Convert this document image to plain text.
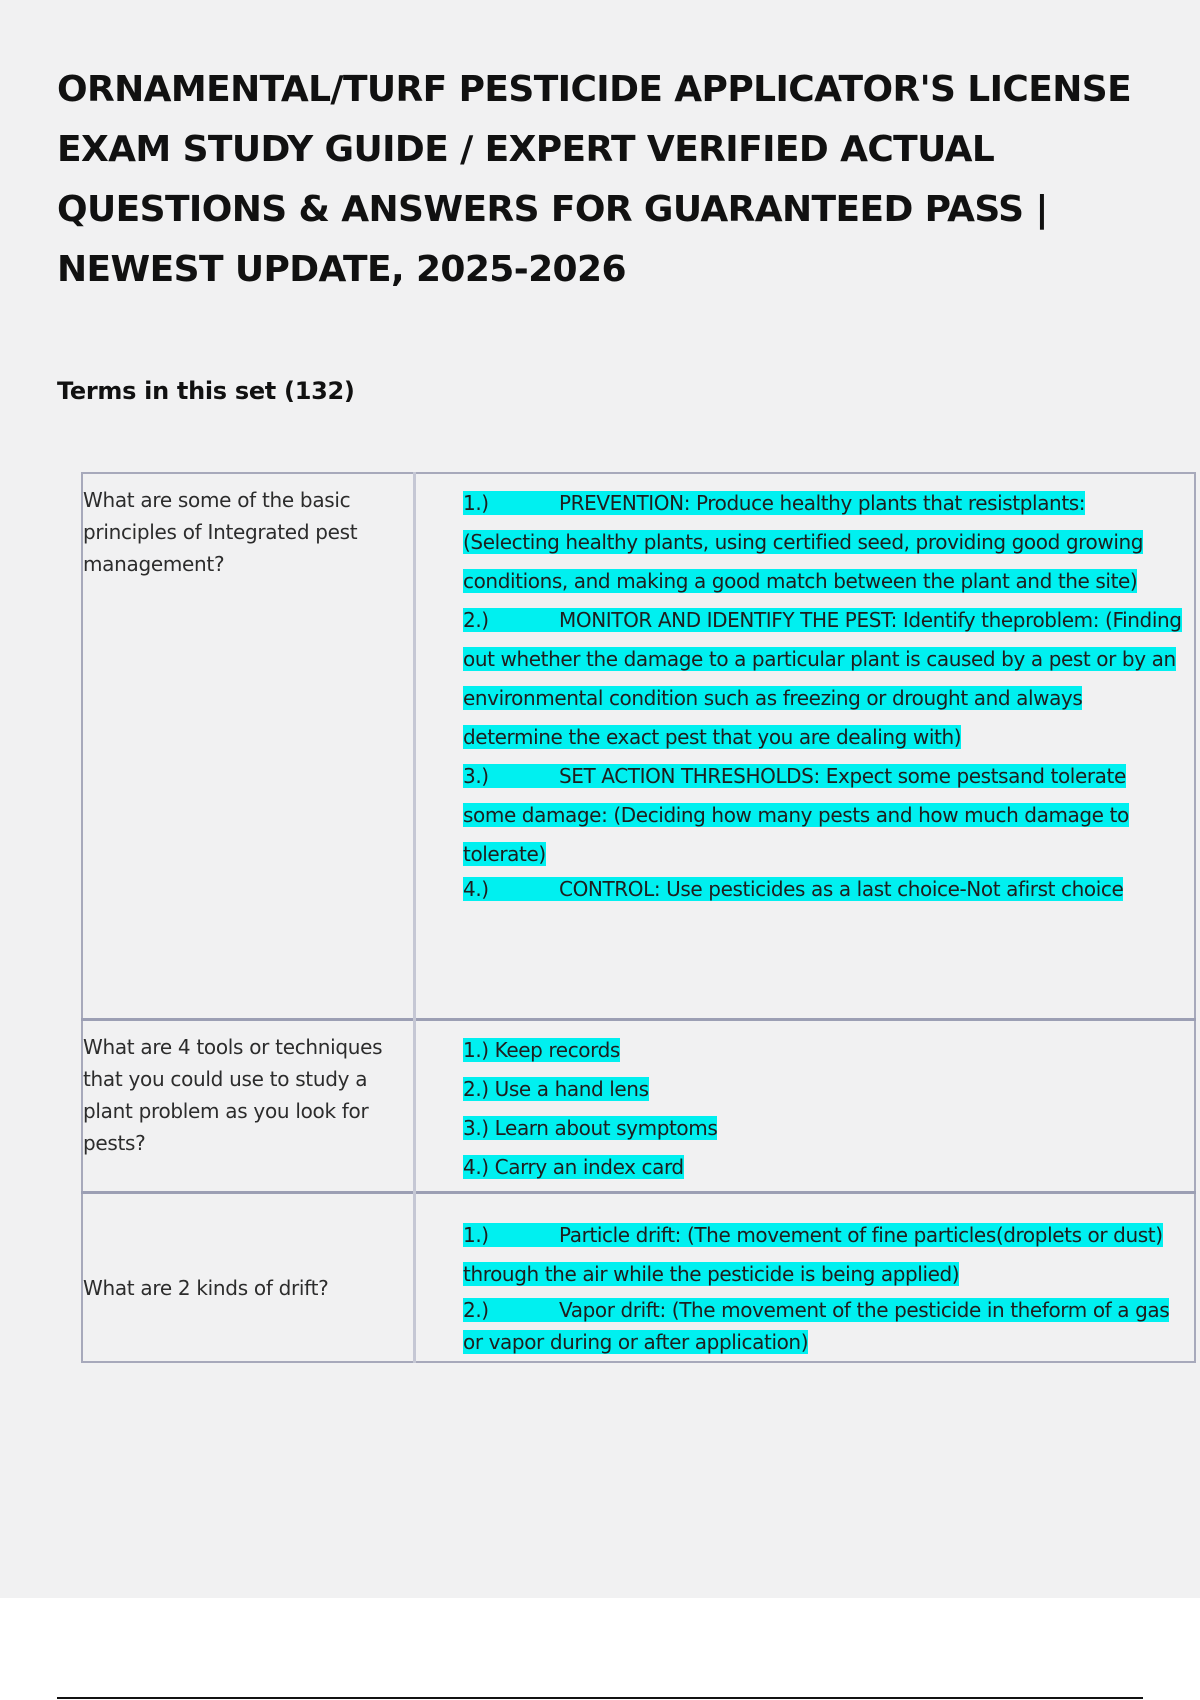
ORNAMENTAL/TURF PESTICIDE APPLICATOR'S LICENSE EXAM STUDY GUIDE / EXPERT VERIFIED ACTUAL QUESTIONS & ANSWERS FOR GUARANTEED PASS | NEWEST UPDATE, 2025-2026
Terms in this set (132)
What are some of the basic principles of Integrated pest management?	1.) PREVENTION: Produce healthy plants that resistplants: (Selecting healthy plants, using certified seed, providing good growing conditions, and making a good match between the plant and the site)

2.) MONITOR AND IDENTIFY THE PEST: Identify theproblem: (Finding out whether the damage to a particular plant is caused by a pest or by an environmental condition such as freezing or drought and always determine the exact pest that you are dealing with)

3.) SET ACTION THRESHOLDS: Expect some pestsand tolerate some damage: (Deciding how many pests and how much damage to tolerate)

4.) CONTROL: Use pesticides as a last choice-Not afirst choice

What are 4 tools or techniques that you could use to study a plant problem as you look for pests?	1.) Keep records

2.) Use a hand lens

3.) Learn about symptoms

4.) Carry an index card

What are 2 kinds of drift?	1.) Particle drift: (The movement of fine particles(droplets or dust) through the air while the pesticide is being applied)

2.) Vapor drift: (The movement of the pesticide in theform of a gas or vapor during or after application)
